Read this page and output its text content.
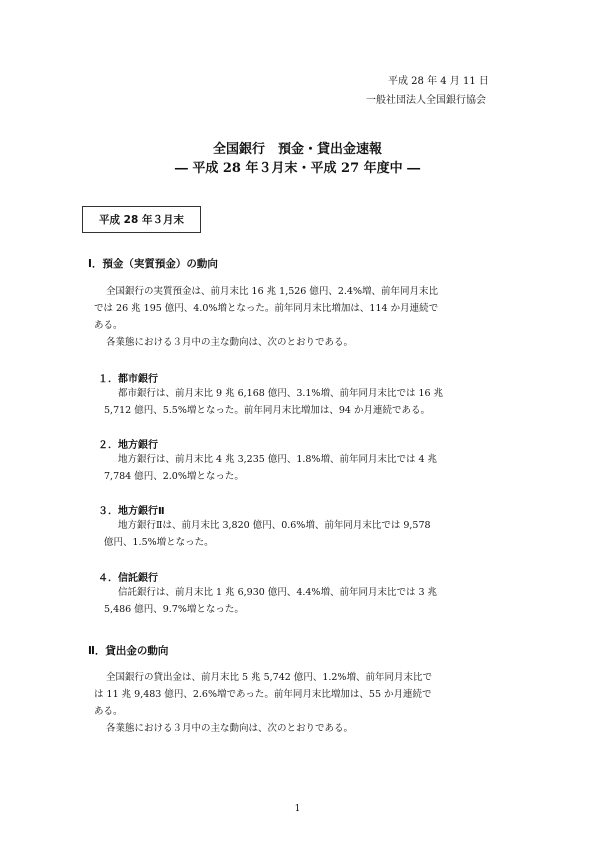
平成 28 年 4 月 11 日
一般社団法人全国銀行協会
全国銀行　預金・貸出金速報
― 平成 28 年３月末・平成 27 年度中 ―
平成 28 年３月末
Ⅰ．預金（実質預金）の動向
全国銀行の実質預金は、前月末比 16 兆 1,526 億円、2.4%増、前年同月末比
では 26 兆 195 億円、4.0%増となった。前年同月末比増加は、114 か月連続で
ある。
各業態における３月中の主な動向は、次のとおりである。
１．都市銀行
都市銀行は、前月末比 9 兆 6,168 億円、3.1%増、前年同月末比では 16 兆
5,712 億円、5.5%増となった。前年同月末比増加は、94 か月連続である。
２．地方銀行
地方銀行は、前月末比 4 兆 3,235 億円、1.8%増、前年同月末比では 4 兆
7,784 億円、2.0%増となった。
３．地方銀行Ⅱ
地方銀行Ⅱは、前月末比 3,820 億円、0.6%増、前年同月末比では 9,578
億円、1.5%増となった。
４．信託銀行
信託銀行は、前月末比 1 兆 6,930 億円、4.4%増、前年同月末比では 3 兆
5,486 億円、9.7%増となった。
Ⅱ．貸出金の動向
全国銀行の貸出金は、前月末比 5 兆 5,742 億円、1.2%増、前年同月末比で
は 11 兆 9,483 億円、2.6%増であった。前年同月末比増加は、55 か月連続で
ある。
各業態における３月中の主な動向は、次のとおりである。
1
